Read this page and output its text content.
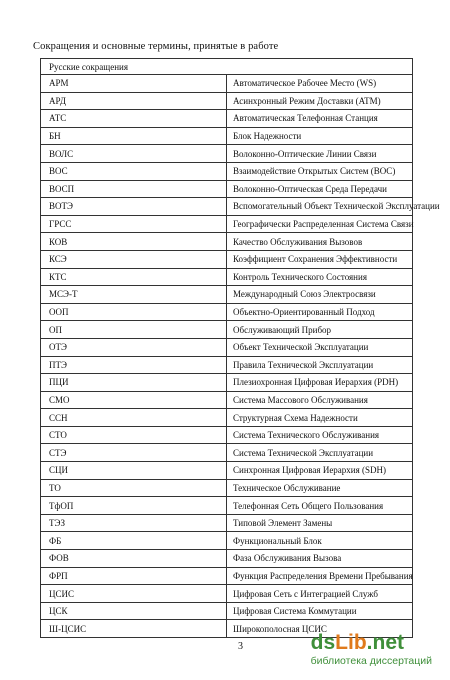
Сокращения и основные термины, принятые в работе
Русские сокращения	
АРМ	Автоматическое Рабочее Место (WS)
АРД	Асинхронный Режим Доставки (ATM)
АТС	Автоматическая Телефонная Станция
БН	Блок Надежности
ВОЛС	Волоконно-Оптические Линии Связи
ВОС	Взаимодействие Открытых Систем (ВОС)
ВОСП	Волоконно-Оптическая Среда Передачи
ВОТЭ	Вспомогательный Объект Технической Эксплуатации
ГРСС	Географически Распределенная Система Связи
КОВ	Качество Обслуживания Вызовов
КСЭ	Коэффициент Сохранения Эффективности
КТС	Контроль Технического Состояния
МСЭ-Т	Международный Союз Электросвязи
ООП	Объектно-Ориентированный Подход
ОП	Обслуживающий Прибор
ОТЭ	Объект Технической Эксплуатации
ПТЭ	Правила Технической Эксплуатации
ПЦИ	Плезиохронная Цифровая Иерархия (PDH)
СМО	Система Массового Обслуживания
ССН	Структурная Схема Надежности
СТО	Система Технического Обслуживания
СТЭ	Система Технической Эксплуатации
СЦИ	Синхронная Цифровая Иерархия (SDH)
ТО	Техническое Обслуживание
ТфОП	Телефонная Сеть Общего Пользования
ТЭЗ	Типовой Элемент Замены
ФБ	Функциональный Блок
ФОВ	Фаза Обслуживания Вызова
ФРП	Функция Распределения Времени Пребывания
ЦСИС	Цифровая Сеть с Интеграцией Служб
ЦСК	Цифровая Система Коммутации
Ш-ЦСИС	Широкополосная ЦСИС
3	dsLib.net
библиотека диссертаций
